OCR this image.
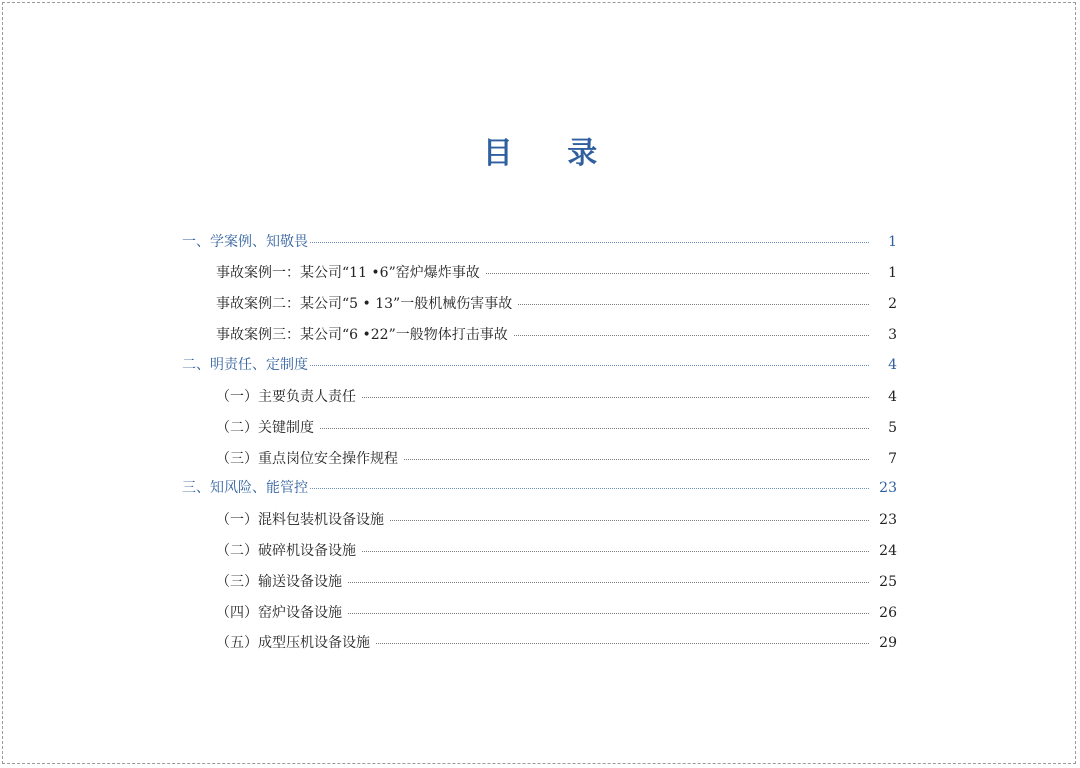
目 录
一、学案例、知敬畏	1
事故案例一：某公司“11 •6”窑炉爆炸事故	1
事故案例二：某公司“5 • 13”一般机械伤害事故	2
事故案例三：某公司“6 •22”一般物体打击事故	3
二、明责任、定制度	4
（一）主要负责人责任	4
（二）关键制度	5
（三）重点岗位安全操作规程	7
三、知风险、能管控	23
（一）混料包装机设备设施	23
（二）破碎机设备设施	24
（三）输送设备设施	25
（四）窑炉设备设施	26
（五）成型压机设备设施	29
